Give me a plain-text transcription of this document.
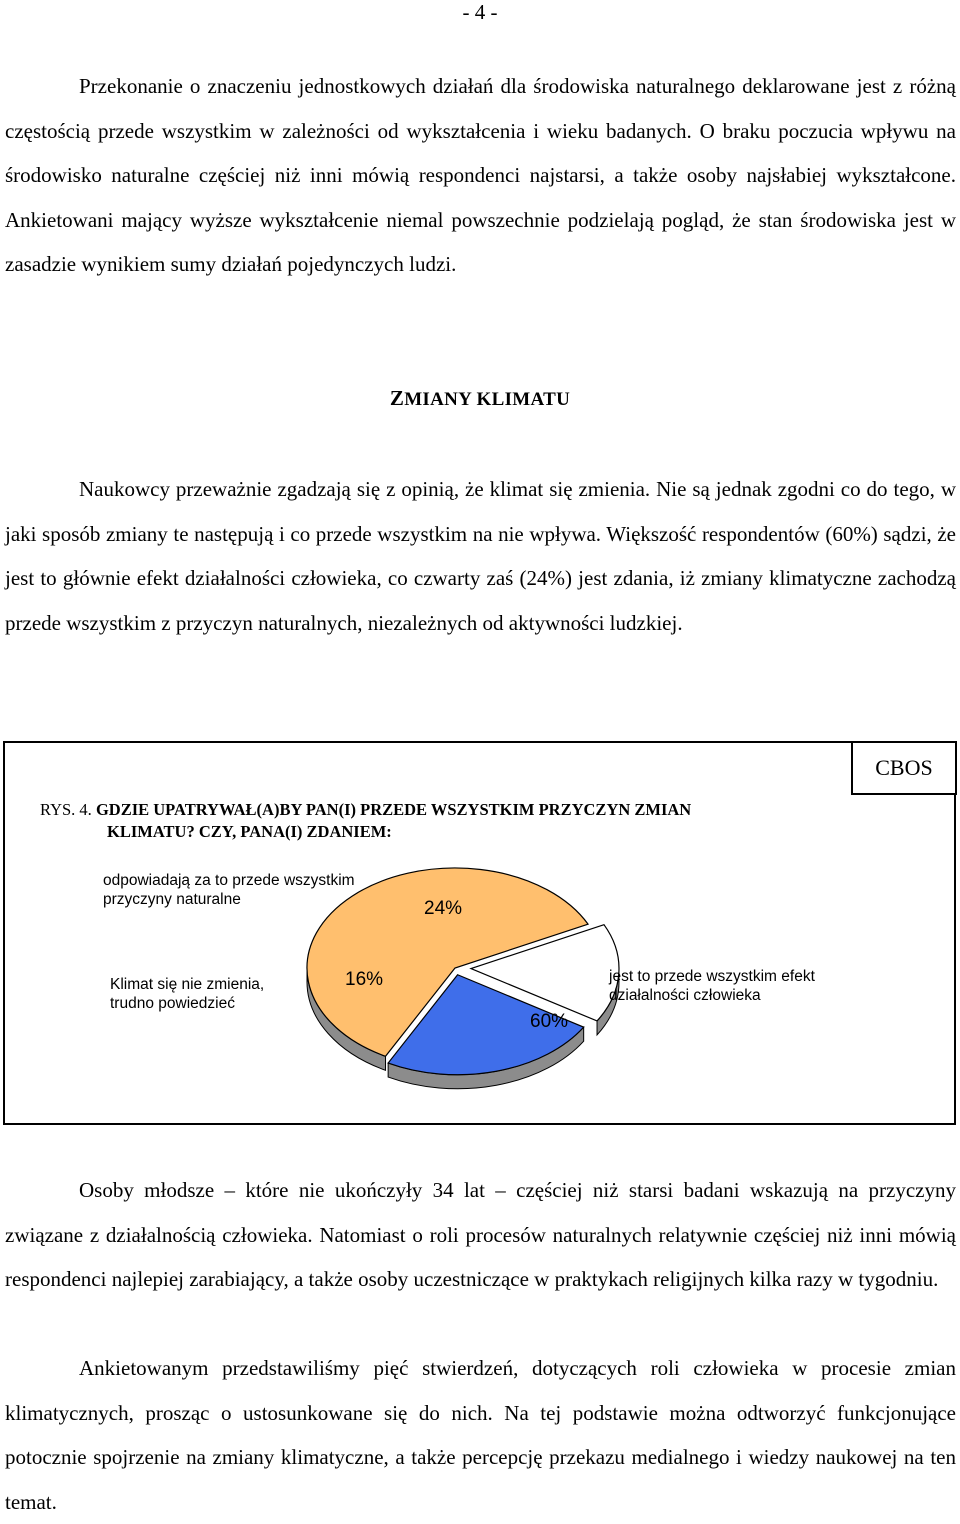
- 4 -

Przekonanie o znaczeniu jednostkowych działań dla środowiska naturalnego deklarowane jest z różną częstością przede wszystkim w zależności od wykształcenia i wieku badanych. O braku poczucia wpływu na środowisko naturalne częściej niż inni mówią respondenci najstarsi, a także osoby najsłabiej wykształcone. Ankietowani mający wyższe wykształcenie niemal powszechnie podzielają pogląd, że stan środowiska jest w zasadzie wynikiem sumy działań pojedynczych ludzi.

ZMIANY KLIMATU

Naukowcy przeważnie zgadzają się z opinią, że klimat się zmienia. Nie są jednak zgodni co do tego, w jaki sposób zmiany te następują i co przede wszystkim na nie wpływa. Większość respondentów (60%) sądzi, że jest to głównie efekt działalności człowieka, co czwarty zaś (24%) jest zdania, iż zmiany klimatyczne zachodzą przede wszystkim z przyczyn naturalnych, niezależnych od aktywności ludzkiej.

CBOS
RYS. 4. GDZIE UPATRYWAŁ(A)BY PAN(I) PRZEDE WSZYSTKIM PRZYCZYN ZMIAN
KLIMATU? CZY, PANA(I) ZDANIEM:
60%
16%
24%
odpowiadają za to przede wszystkim
przyczyny naturalne
Klimat się nie zmienia,
trudno powiedzieć
jest to przede wszystkim efekt
działalności człowieka

Osoby młodsze – które nie ukończyły 34 lat – częściej niż starsi badani wskazują na przyczyny związane z działalnością człowieka. Natomiast o roli procesów naturalnych relatywnie częściej niż inni mówią respondenci najlepiej zarabiający, a także osoby uczestniczące w praktykach religijnych kilka razy w tygodniu.

Ankietowanym przedstawiliśmy pięć stwierdzeń, dotyczących roli człowieka w procesie zmian klimatycznych, prosząc o ustosunkowane się do nich. Na tej podstawie można odtworzyć funkcjonujące potocznie spojrzenie na zmiany klimatyczne, a także percepcję przekazu medialnego i wiedzy naukowej na ten temat.
